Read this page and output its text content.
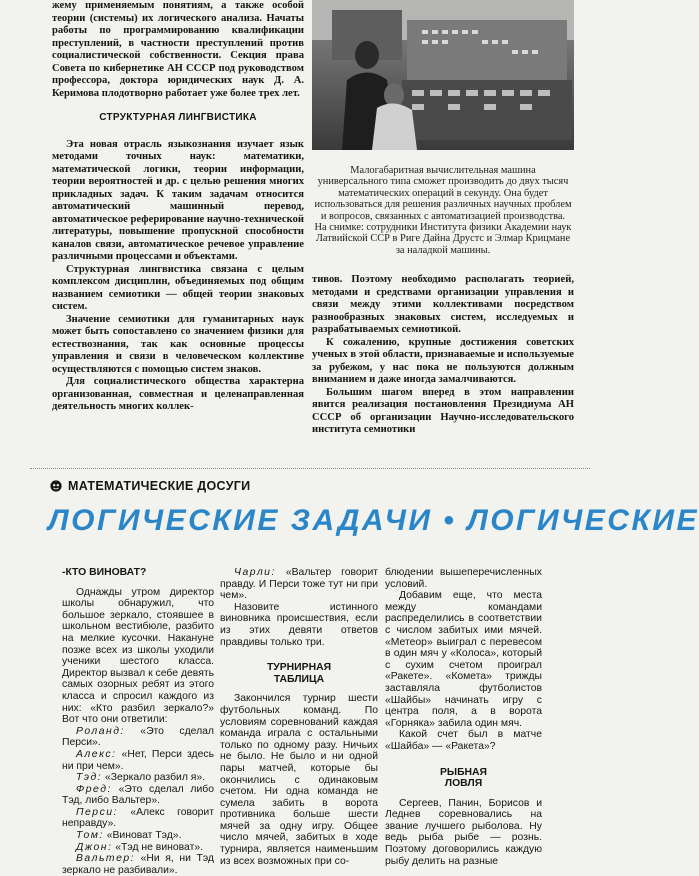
жему применяемым понятиям, а также особой теории (системы) их логического анализа. Начаты работы по программированию квалификации преступлений, в частности преступлений против социалистической собственности. Секция права Совета по кибернетике АН СССР под руководством профессора, доктора юридических наук Д. А. Керимова плодотворно работает уже более трех лет.

СТРУКТУРНАЯ ЛИНГВИСТИКА

Эта новая отрасль языкознания изучает язык методами точных наук: математики, математической логики, теории информации, теории вероятностей и др. с целью решения многих прикладных задач. К таким задачам относится автоматический машинный перевод, автоматическое реферирование научно-технической литературы, повышение пропускной способности каналов связи, автоматическое речевое управление различными процессами и объектами.

Структурная лингвистика связана с целым комплексом дисциплин, объединяемых под общим названием семиотики — общей теории знаковых систем.

Значение семиотики для гуманитарных наук может быть сопоставлено со значением физики для естествознания, так как основные процессы управления и связи в человеческом коллективе осуществляются с помощью систем знаков.

Для социалистического общества характерна организованная, совместная и целенаправленная деятельность многих коллек-

Малогабаритная вычислительная машина универсального типа сможет производить до двух тысяч математических операций в секунду. Она будет использоваться для решения различных научных проблем и вопросов, связанных с автоматизацией производства. На снимке: сотрудники Института физики Академии наук Латвийской ССР в Риге Дайна Друстс и Элмар Крицмане за наладкой машины.

тивов. Поэтому необходимо располагать теорией, методами и средствами организации управления и связи между этими коллективами посредством разнообразных знаковых систем, исследуемых и разрабатываемых семиотикой.

К сожалению, крупные достижения советских ученых в этой области, признаваемые и используемые за рубежом, у нас пока не пользуются должным вниманием и даже иногда замалчиваются.

Большим шагом вперед в этом направлении явится реализация постановления Президиума АН СССР об организации Научно-исследовательского института семиотики

МАТЕМАТИЧЕСКИЕ ДОСУГИ
ЛОГИЧЕСКИЕ ЗАДАЧИ • ЛОГИЧЕСКИЕ
-КТО ВИНОВАТ?

Однажды утром директор школы обнаружил, что большое зеркало, стоявшее в школьном вестибюле, разбито на мелкие кусочки. Накануне позже всех из школы уходили ученики шестого класса. Директор вызвал к себе девять самых озорных ребят из этого класса и спросил каждого из них: «Кто разбил зеркало?» Вот что они ответили:

Роланд: «Это сделал Перси».

Алекс: «Нет, Перси здесь ни при чем».

Тэд: «Зеркало разбил я».

Фред: «Это сделал либо Тэд, либо Вальтер».

Перси: «Алекс говорит неправду».

Том: «Виноват Тэд».

Джон: «Тэд не виноват».

Вальтер: «Ни я, ни Тэд зеркало не разбивали».

Чарли: «Вальтер говорит правду. И Перси тоже тут ни при чем».

Назовите истинного виновника происшествия, если из этих девяти ответов правдивы только три.

ТУРНИРНАЯ ТАБЛИЦА

Закончился турнир шести футбольных команд. По условиям соревнований каждая команда играла с остальными только по одному разу. Ничьих не было. Не было и ни одной пары матчей, которые бы окончились с одинаковым счетом. Ни одна команда не сумела забить в ворота противника больше шести мячей за одну игру. Общее число мячей, забитых в ходе турнира, является наименьшим из всех возможных при со-

блюдении вышеперечисленных условий.

Добавим еще, что места между командами распределились в соответствии с числом забитых ими мячей. «Метеор» выиграл с перевесом в один мяч у «Колоса», который с сухим счетом проиграл «Ракете». «Комета» трижды заставляла футболистов «Шайбы» начинать игру с центра поля, а в ворота «Горняка» забила один мяч.

Какой счет был в матче «Шайба» — «Ракета»?

РЫБНАЯ ЛОВЛЯ

Сергеев, Панин, Борисов и Леднев соревновались на звание лучшего рыболова. Ну ведь рыба рыбе — рознь. Поэтому договорились каждую рыбу делить на разные
